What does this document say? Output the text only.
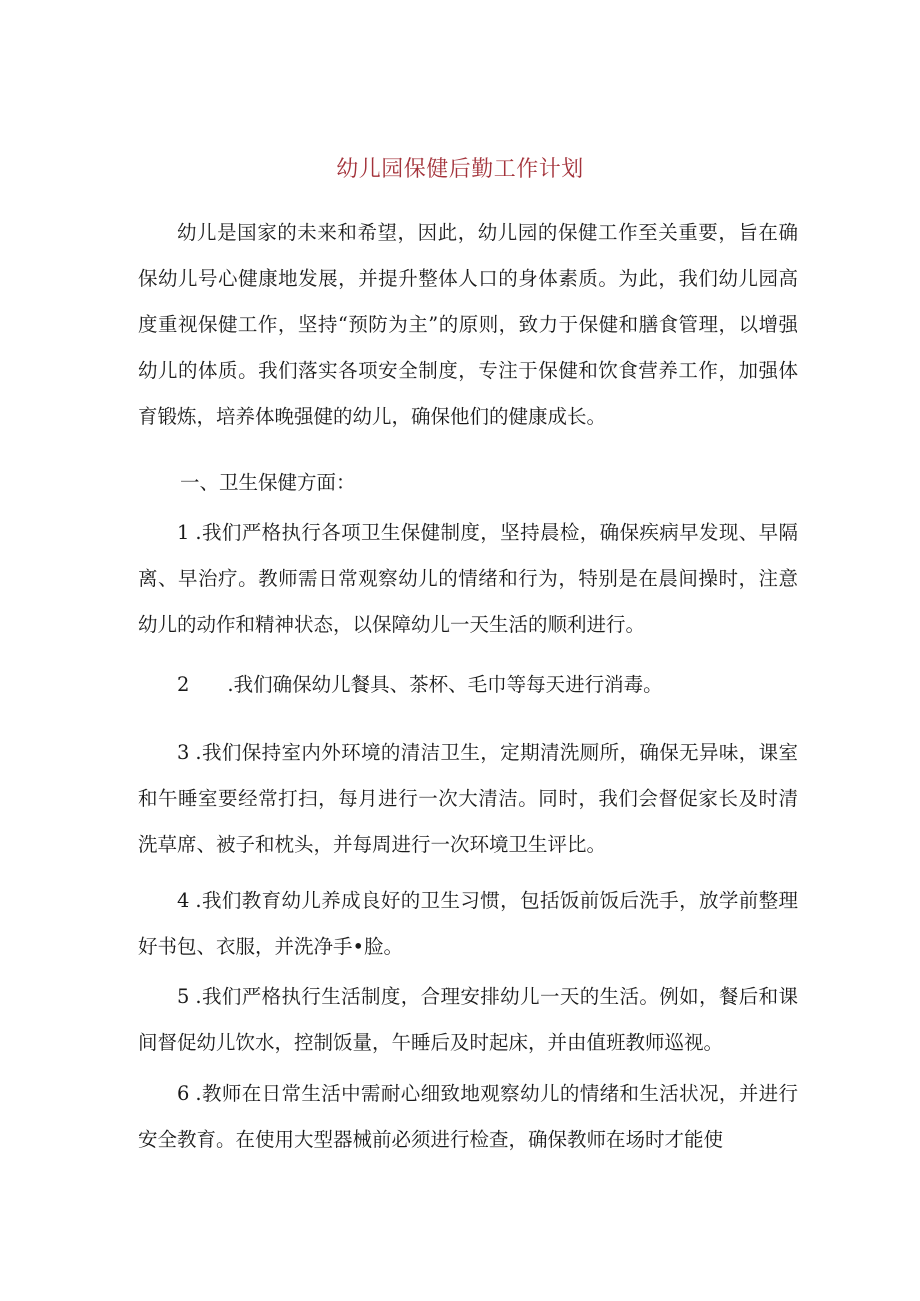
幼儿园保健后勤工作计划

幼儿是国家的未来和希望，因此，幼儿园的保健工作至关重要，旨在确保幼儿号心健康地发展，并提升整体人口的身体素质。为此，我们幼儿园高度重视保健工作，坚持“预防为主”的原则，致力于保健和膳食管理，以增强幼儿的体质。我们落实各项安全制度，专注于保健和饮食营养工作，加强体育锻炼，培养体晚强健的幼儿，确保他们的健康成长。

一、卫生保健方面：

1 .我们严格执行各项卫生保健制度，坚持晨检，确保疾病早发现、早隔离、早治疗。教师需日常观察幼儿的情绪和行为，特别是在晨间操时，注意幼儿的动作和精神状态，以保障幼儿一天生活的顺利进行。

2 .我们确保幼儿餐具、茶杯、毛巾等每天进行消毒。

3 .我们保持室内外环境的清洁卫生，定期清洗厕所，确保无异味，课室和午睡室要经常打扫，每月进行一次大清洁。同时，我们会督促家长及时清洗草席、被子和枕头，并每周进行一次环境卫生评比。

4 .我们教育幼儿养成良好的卫生习惯，包括饭前饭后洗手，放学前整理好书包、衣服，并洗净手•脸。

5 .我们严格执行生活制度，合理安排幼儿一天的生活。例如，餐后和课间督促幼儿饮水，控制饭量，午睡后及时起床，并由值班教师巡视。

6 .教师在日常生活中需耐心细致地观察幼儿的情绪和生活状况，并进行安全教育。在使用大型器械前必须进行检查，确保教师在场时才能使
